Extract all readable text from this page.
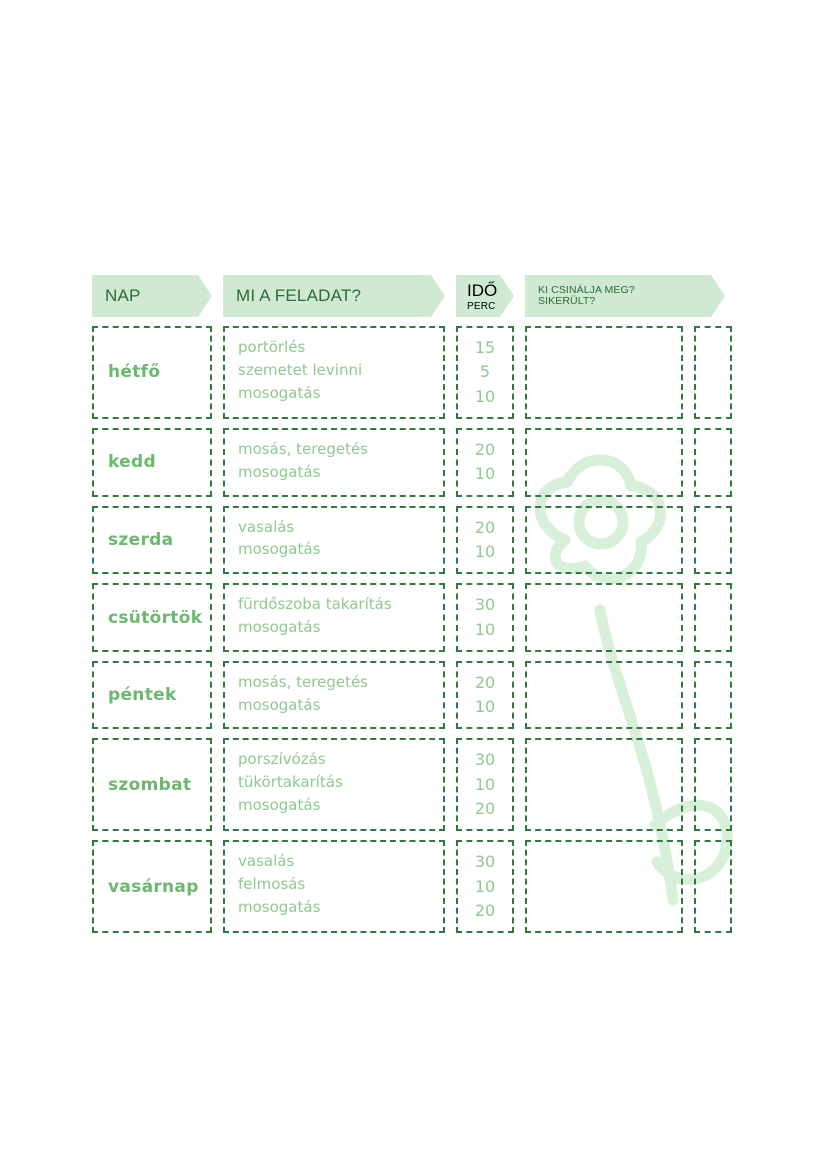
NAP	MI A FELADAT?	IDŐ
PERC
KI CSINÁLJA MEG?
SIKERÜLT?
hétfő
portörlés
szemetet levinni
mosogatás
15
5
10
kedd
mosás, teregetés
mosogatás
20
10
szerda
vasalás
mosogatás
20
10
csütörtök
fürdőszoba takarítás
mosogatás
30
10
péntek
mosás, teregetés
mosogatás
20
10
szombat
porszívózás
tükörtakarítás
mosogatás
30
10
20
vasárnap
vasalás
felmosás
mosogatás
30
10
20
